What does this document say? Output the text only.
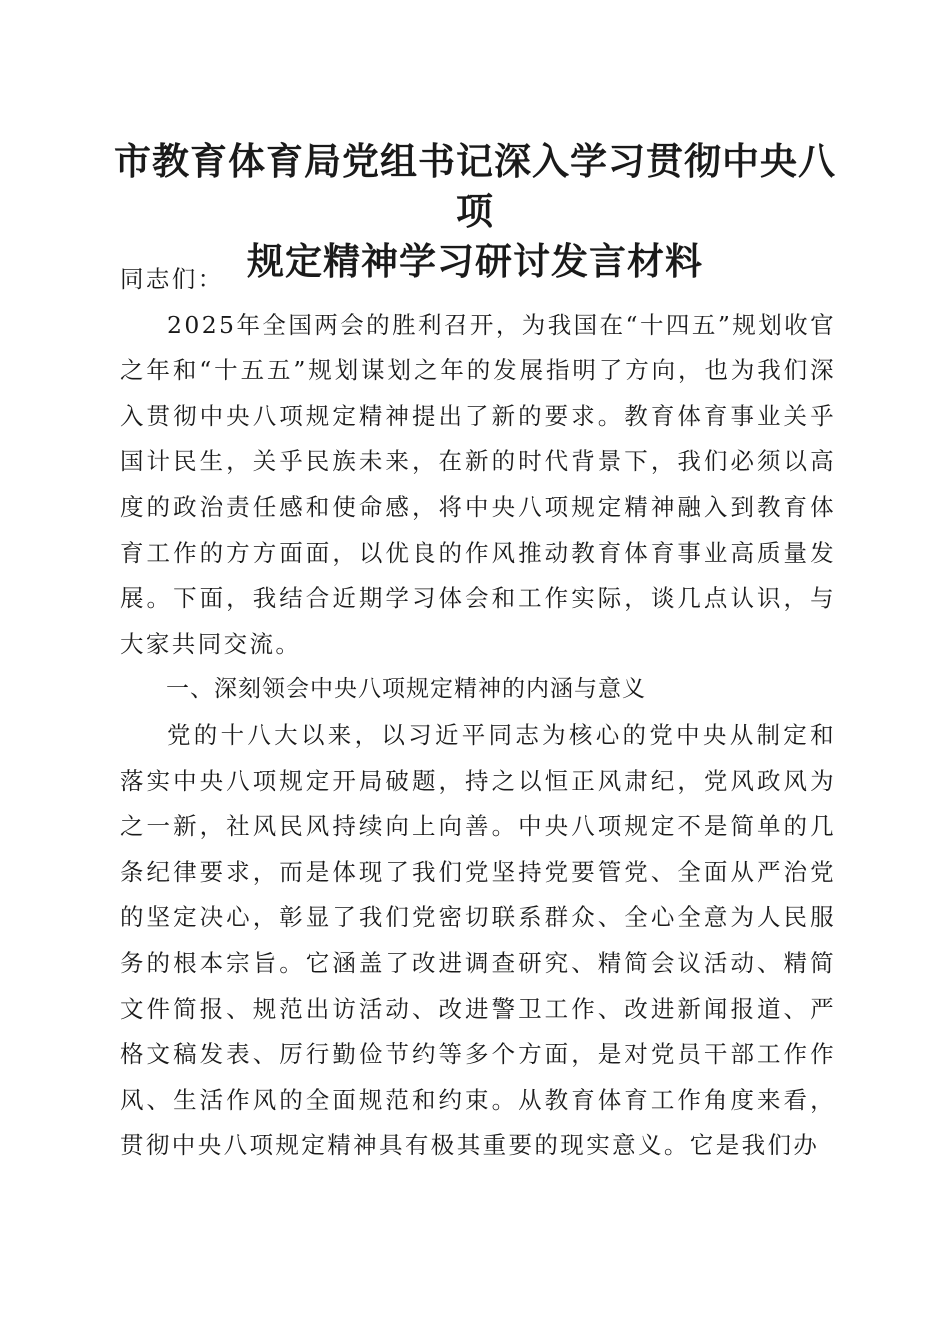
市教育体育局党组书记深入学习贯彻中央八项
规定精神学习研讨发言材料

同志们：

2025年全国两会的胜利召开，为我国在“十四五”规划收官之年和“十五五”规划谋划之年的发展指明了方向，也为我们深入贯彻中央八项规定精神提出了新的要求。教育体育事业关乎国计民生，关乎民族未来，在新的时代背景下，我们必须以高度的政治责任感和使命感，将中央八项规定精神融入到教育体育工作的方方面面，以优良的作风推动教育体育事业高质量发展。下面，我结合近期学习体会和工作实际，谈几点认识，与大家共同交流。

一、深刻领会中央八项规定精神的内涵与意义

党的十八大以来，以习近平同志为核心的党中央从制定和落实中央八项规定开局破题，持之以恒正风肃纪，党风政风为之一新，社风民风持续向上向善。中央八项规定不是简单的几条纪律要求，而是体现了我们党坚持党要管党、全面从严治党的坚定决心，彰显了我们党密切联系群众、全心全意为人民服务的根本宗旨。它涵盖了改进调查研究、精简会议活动、精简文件简报、规范出访活动、改进警卫工作、改进新闻报道、严格文稿发表、厉行勤俭节约等多个方面，是对党员干部工作作风、生活作风的全面规范和约束。从教育体育工作角度来看，贯彻中央八项规定精神具有极其重要的现实意义。它是我们办
